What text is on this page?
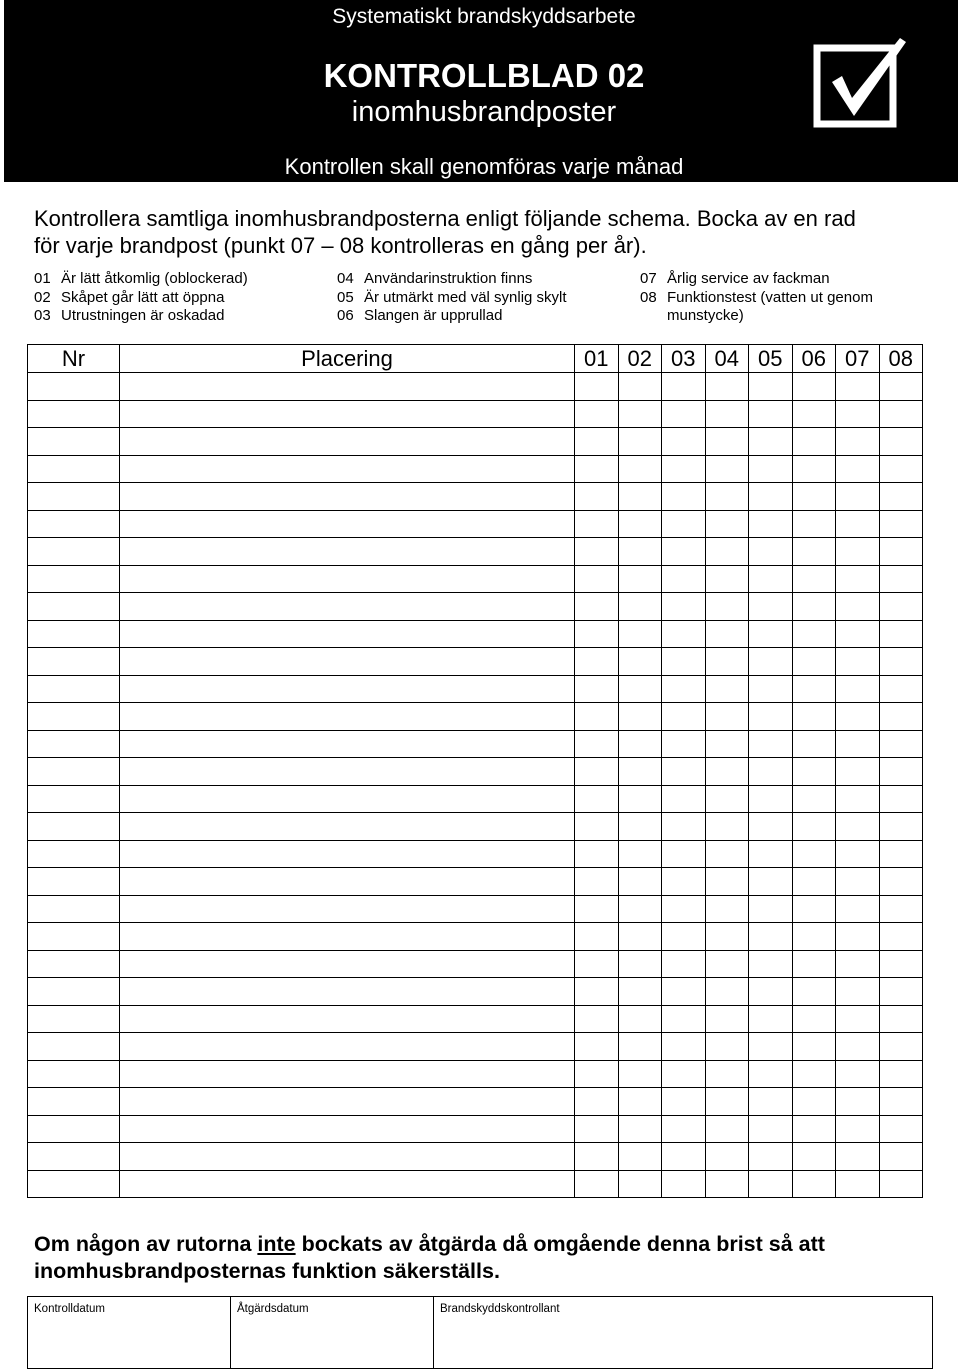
Systematiskt brandskyddsarbete
KONTROLLBLAD 02
inomhusbrandposter
Kontrollen skall genomföras varje månad
Kontrollera samtliga inomhusbrandposterna enligt följande schema. Bocka av en rad
för varje brandpost (punkt 07 – 08 kontrolleras en gång per år).
01 Är lätt åtkomlig (oblockerad)
02 Skåpet går lätt att öppna
03 Utrustningen är oskadad
04 Användarinstruktion finns
05 Är utmärkt med väl synlig skylt
06 Slangen är upprullad
07 Årlig service av fackman
08 Funktionstest (vatten ut genom munstycke)
Nr	Placering	01	02	03	04	05	06	07	08

Om någon av rutorna inte bockats av åtgärda då omgående denna brist så att
inomhusbrandposternas funktion säkerställs.
Kontrolldatum	Åtgärdsdatum	Brandskyddskontrollant
